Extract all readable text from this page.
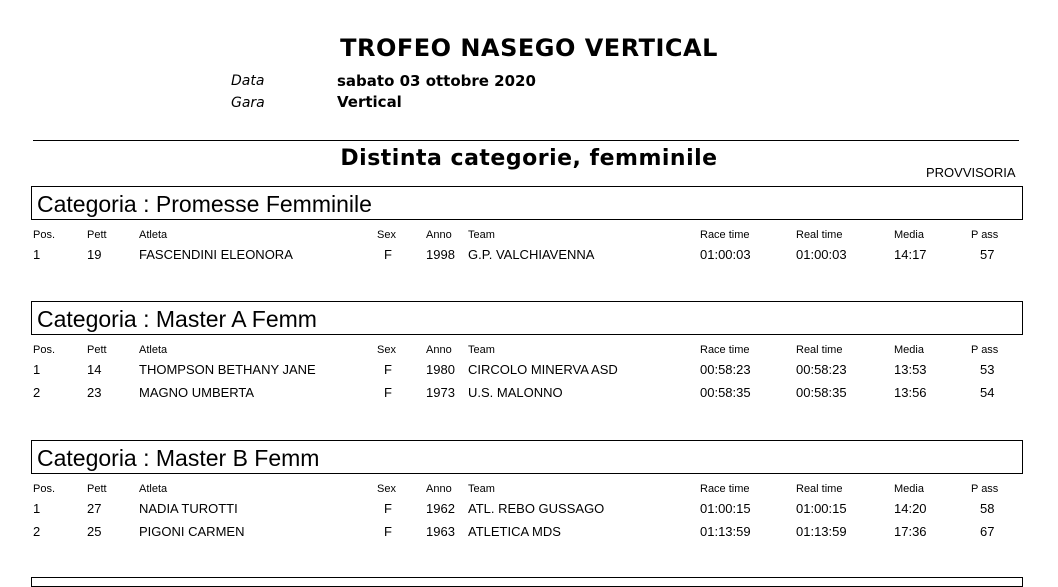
TROFEO NASEGO VERTICAL
Data	sabato 03 ottobre 2020
Gara	Vertical
Distinta categorie, femminile
PROVVISORIA
Categoria : Promesse Femminile
Pos.	Pett	Atleta	Sex	Anno Team	Race time	Real time	Media	P ass
1	19	FASCENDINI ELEONORA	F	1998 G.P. VALCHIAVENNA	01:00:03	01:00:03	14:17	57
Categoria : Master A Femm
Pos.	Pett	Atleta	Sex	Anno Team	Race time	Real time	Media	P ass
1	14	THOMPSON BETHANY JANE	F	1980 CIRCOLO MINERVA ASD	00:58:23	00:58:23	13:53	53
2	23	MAGNO UMBERTA	F	1973 U.S. MALONNO	00:58:35	00:58:35	13:56	54
Categoria : Master B Femm
Pos.	Pett	Atleta	Sex	Anno Team	Race time	Real time	Media	P ass
1	27	NADIA TUROTTI	F	1962 ATL. REBO GUSSAGO	01:00:15	01:00:15	14:20	58
2	25	PIGONI CARMEN	F	1963 ATLETICA MDS	01:13:59	01:13:59	17:36	67
